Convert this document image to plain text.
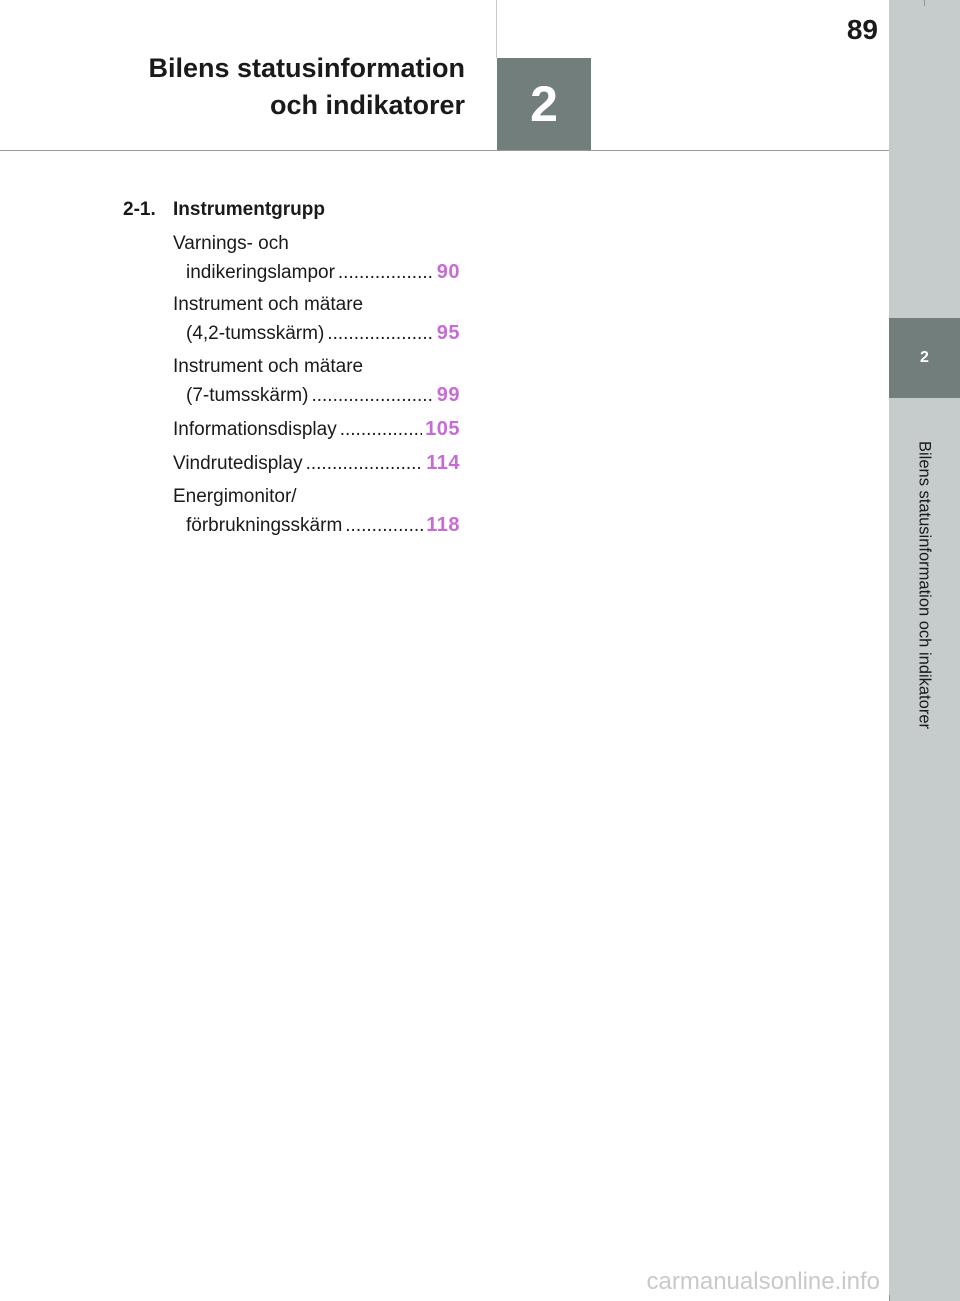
2
Bilens statusinformation och indikatorer
Bilens statusinformation
och indikatorer 2
89
2-1. Instrumentgrupp
Varnings- och
indikeringslampor .....	90
Instrument och mätare
(4,2-tumsskärm) .....	95
Instrument och mätare
(7-tumsskärm) .....	99
Informationsdisplay .....	105
Vindrutedisplay .....	114
Energimonitor/
förbrukningsskärm .....	118
carmanualsonline.info
